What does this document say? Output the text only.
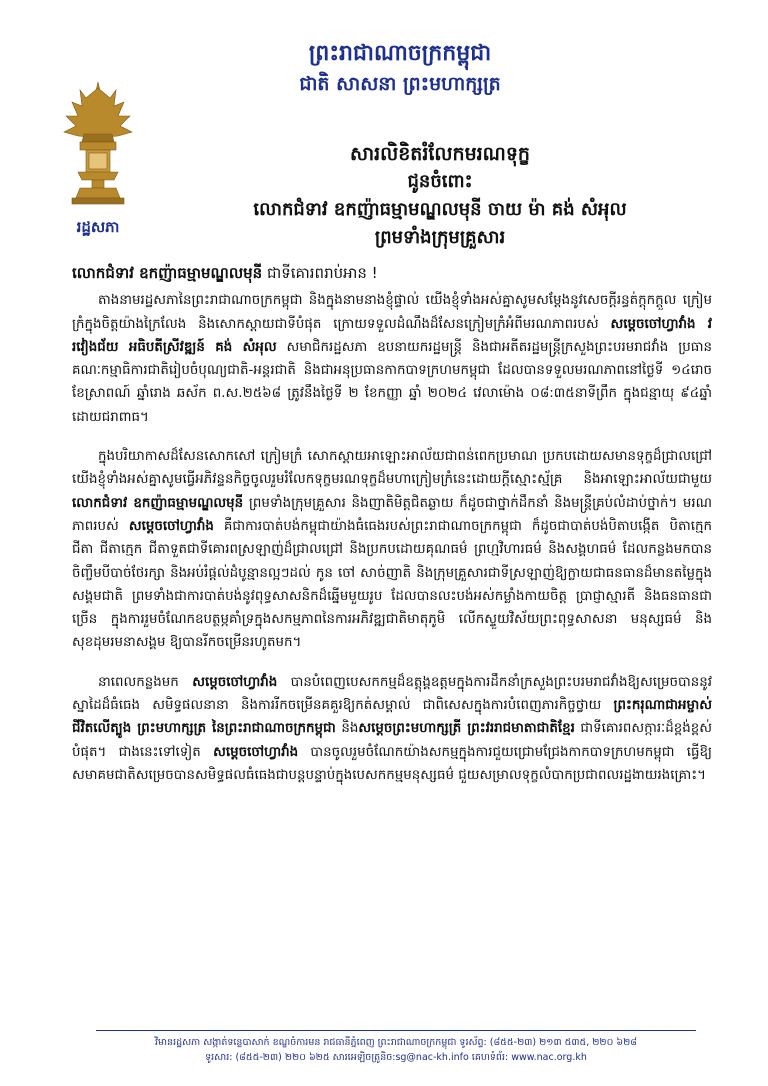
ព្រះរាជាណាចក្រកម្ពុជា
ជាតិ សាសនា ព្រះមហាក្សត្រ
រដ្ឋសភា
សារលិខិតរំលែកមរណទុក្ខ
ជូនចំពោះ
លោកជំទាវ ឧកញ៉ាធម្មាមណ្ឌលមុនី ចាយ ម៉ា គង់ សំអុល
ព្រមទាំងក្រុមគ្រួសារ
លោកជំទាវ ឧកញ៉ាធម្មាមណ្ឌលមុនី ជាទីគោរពរាប់អាន !

តាងនាមរដ្ឋសភានៃព្រះរាជាណាចក្រកម្ពុជា និងក្នុងនាមនាងខ្ញុំផ្ទាល់ យើងខ្ញុំទាំងអស់គ្នាសូមសម្តែងនូវសេចក្តីរន្ធត់ក្តុកក្តួល ក្រៀមក្រំក្នុងចិត្តយ៉ាងក្រៃលែង និងសោកស្តាយជាទីបំផុត ក្រោយទទួលដំណឹងដ៏សែនក្រៀមក្រំអំពីមរណភាពរបស់ សម្តេចចៅហ្វាវាំង វរវៀងជ័យ អធិបតីស្រីវឌ្ឍន៍ គង់ សំអុល សមាជិករដ្ឋសភា ឧបនាយករដ្ឋមន្ត្រី និងជាអតីតរដ្ឋមន្ត្រីក្រសួងព្រះបរមរាជវាំង ប្រធានគណៈកម្មាធិការជាតិរៀបចំបុណ្យជាតិ-អន្តរជាតិ និងជាអនុប្រធានកាកបាទក្រហមកម្ពុជា ដែលបានទទួលមរណភាពនៅថ្ងៃទី ១៤រោច ខែស្រាពណ៍ ឆ្នាំរោង ឆស័ក ព.ស.២៥៦៨ ត្រូវនឹងថ្ងៃទី ២ ខែកញ្ញា ឆ្នាំ ២០២៤ វេលាម៉ោង ០៨:៣៥នាទីព្រឹក ក្នុងជន្មាយុ ៩៤ឆ្នាំ ដោយជរាពាធ។

ក្នុងបរិយាកាសដ៏សែនសោកសៅ ក្រៀមក្រំ សោកស្តាយអាឡោះអាល័យជាពន់ពេកប្រមាណ ប្រកបដោយសមានទុក្ខដ៏ជ្រាលជ្រៅ យើងខ្ញុំទាំងអស់គ្នាសូមធ្វើអភិវន្ទនកិច្ចចូលរួមរំលែកទុក្ខមរណទុក្ខដ៏មហាក្រៀមក្រំនេះដោយក្តីស្មោះស្ម័គ្រ និងអាឡោះអាល័យជាមួយ លោកជំទាវ ឧកញ៉ាធម្មាមណ្ឌលមុនី ព្រមទាំងក្រុមគ្រួសារ និងញាតិមិត្តជិតឆ្ងាយ ក៏ដូចជាថ្នាក់ដឹកនាំ និងមន្ត្រីគ្រប់លំដាប់ថ្នាក់។ មរណភាពរបស់ សម្តេចចៅហ្វាវាំង គឺជាការបាត់បង់កម្ពុជាយ៉ាងធំធេងរបស់ព្រះរាជាណាចក្រកម្ពុជា ក៏ដូចជាបាត់បង់បិតាបង្កើត បិតាក្មេក ជីតា ជីតាក្មេក ជីតាទួតជាទីគោរពស្រឡាញ់ដ៏ជ្រាលជ្រៅ និងប្រកបដោយគុណធម៌ ព្រហ្មវិហារធម៌ និងសង្គហធម៌ ដែលកន្លងមកបានចិញ្ចឹមបីបាច់ថែរក្សា និងអប់រំផ្តល់ដំបូន្មានល្អៗដល់ កូន ចៅ សាច់ញាតិ និងក្រុមគ្រួសារជាទីស្រឡាញ់ឱ្យក្លាយជាធនធានដ៏មានតម្លៃក្នុងសង្គមជាតិ ព្រមទាំងជាការបាត់បង់នូវពុទ្ធសាសនិកដ៏ឆ្នើមមួយរូប ដែលបានលះបង់អស់កម្លាំងកាយចិត្ត ប្រាជ្ញាស្មារតី និងធនធានជាច្រើន ក្នុងការរួមចំណែកឧបត្ថម្ភគាំទ្រក្នុងសកម្មភាពនៃការអភិវឌ្ឍជាតិមាតុភូមិ លើកស្ទួយវិស័យព្រះពុទ្ធសាសនា មនុស្សធម៌ និងសុខដុមរមនាសង្គម ឱ្យបានរីកចម្រើនរហូតមក។

នាពេលកន្លងមក សម្តេចចៅហ្វាវាំង បានបំពេញបេសកកម្មដ៏ឧត្តុង្គឧត្តមក្នុងការដឹកនាំក្រសួងព្រះបរមរាជវាំងឱ្យសម្រេចបាននូវស្នាដៃដ៏ធំធេង សមិទ្ធផលនានា និងការរីកចម្រើនគគួរឱ្យកត់សម្គាល់ ជាពិសេសក្នុងការបំពេញភារកិច្ចថ្វាយ ព្រះករុណាជាអម្ចាស់ជីវិតលើត្បូង ព្រះមហាក្សត្រ នៃព្រះរាជាណាចក្រកម្ពុជា និងសម្តេចព្រះមហាក្សត្រី ព្រះវររាជមាតាជាតិខ្មែរ ជាទីគោរពសក្ការៈដ៏ខ្ពង់ខ្ពស់បំផុត។ ជាងនេះទៅទៀត សម្តេចចៅហ្វាវាំង បានចូលរួមចំណែកយ៉ាងសកម្មក្នុងការជួយជ្រោមជ្រែងកាកបាទក្រហមកម្ពុជា ធ្វើឱ្យសមាគមជាតិសម្រេចបានសមិទ្ធផលធំធេងជាបន្តបន្ទាប់ក្នុងបេសកកម្មមនុស្សធម៌ ជួយសម្រាលទុក្ខលំបាកប្រជាពលរដ្ឋងាយរងគ្រោះ។

វិមានរដ្ឋសភា សង្កាត់ទន្លេបាសាក់ ខណ្ឌចំការមន រាជធានីភ្នំពេញ ព្រះរាជាណាចក្រកម្ពុជា ទូរស័ព្ទ: (៨៥៥-២៣) ២១៣ ៥៣៥, ២២០ ៦២៨
ទូរសារ: (៨៥៥-២៣) ២២០ ៦២៥ សារអេឡិចត្រូនិច:sg@nac-kh.info គេហទំព័រ: www.nac.org.kh
